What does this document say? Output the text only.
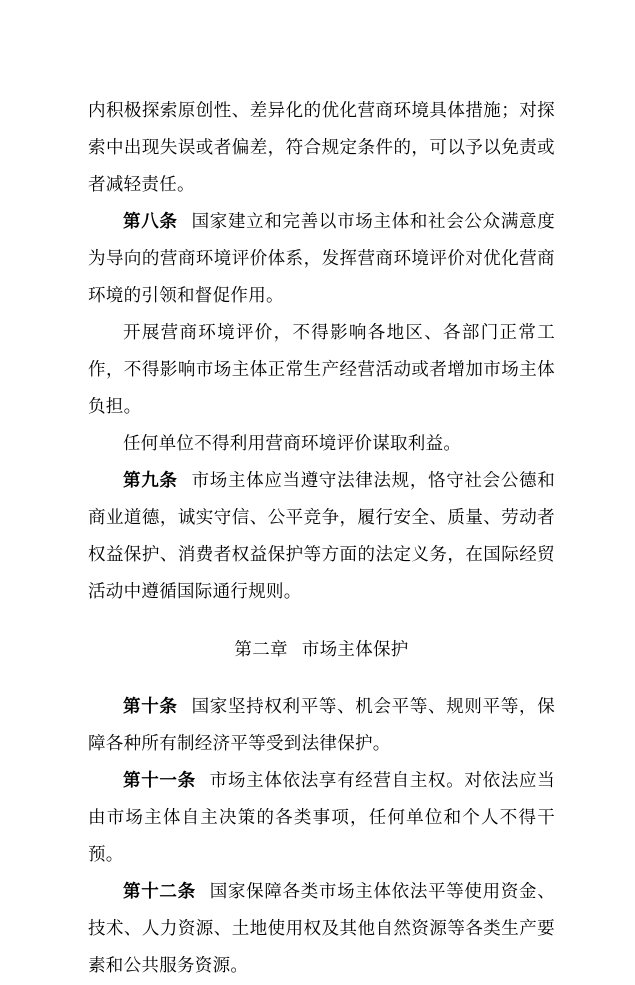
内积极探索原创性、差异化的优化营商环境具体措施；对探索中出现失误或者偏差，符合规定条件的，可以予以免责或者减轻责任。

第八条 国家建立和完善以市场主体和社会公众满意度为导向的营商环境评价体系，发挥营商环境评价对优化营商环境的引领和督促作用。

开展营商环境评价，不得影响各地区、各部门正常工作，不得影响市场主体正常生产经营活动或者增加市场主体负担。

任何单位不得利用营商环境评价谋取利益。

第九条 市场主体应当遵守法律法规，恪守社会公德和商业道德，诚实守信、公平竞争，履行安全、质量、劳动者权益保护、消费者权益保护等方面的法定义务，在国际经贸活动中遵循国际通行规则。

第二章 市场主体保护

第十条 国家坚持权利平等、机会平等、规则平等，保障各种所有制经济平等受到法律保护。

第十一条 市场主体依法享有经营自主权。对依法应当由市场主体自主决策的各类事项，任何单位和个人不得干预。

第十二条 国家保障各类市场主体依法平等使用资金、技术、人力资源、土地使用权及其他自然资源等各类生产要素和公共服务资源。
